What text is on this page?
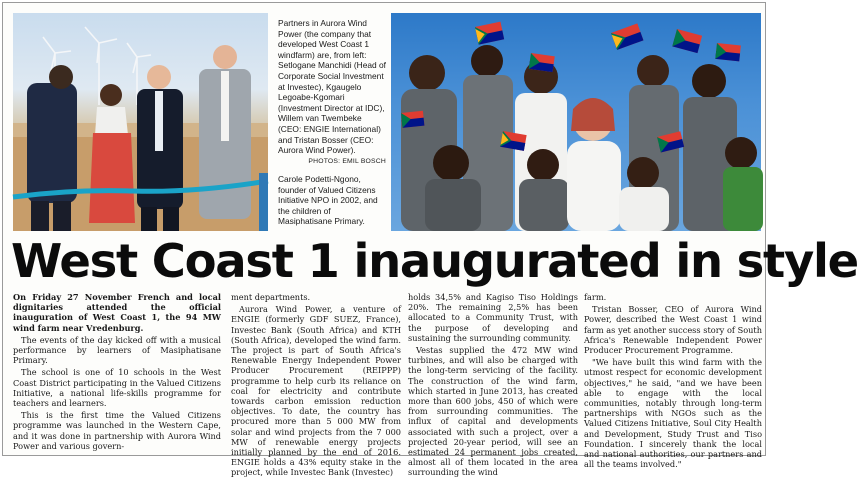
Partners in Aurora Wind Power (the company that developed West Coast 1 windfarm) are, from left: Setlogane Manchidi (Head of Corporate Social Investment at Investec), Kgaugelo Legoabe-Kgomari (Investment Director at IDC), Willem van Twembeke (CEO: ENGIE International) and Tristan Bosser (CEO: Aurora Wind Power).
PHOTOS: EMIL BOSCH
Carole Podetti-Ngono, founder of Valued Citizens Initiative NPO in 2002, and the children of Masiphatisane Primary.
West Coast 1 inaugurated in style

On Friday 27 November French and local dignitaries attended the official inauguration of West Coast 1, the 94 MW wind farm near Vredenburg.

The events of the day kicked off with a musical performance by learners of Masiphatisane Primary.

The school is one of 10 schools in the West Coast District participating in the Valued Citizens Initiative, a national life-skills programme for teachers and learners.

This is the first time the Valued Citizens programme was launched in the Western Cape, and it was done in partnership with Aurora Wind Power and various govern-

ment departments.

Aurora Wind Power, a venture of ENGIE (formerly GDF SUEZ, France), Investec Bank (South Africa) and KTH (South Africa), developed the wind farm. The project is part of South Africa's Renewable Energy Independent Power Producer Procurement (REIPPP) programme to help curb its reliance on coal for electricity and contribute towards carbon emission reduction objectives. To date, the country has procured more than 5 000 MW from solar and wind projects from the 7 000 MW of renewable energy projects initially planned by the end of 2016. ENGIE holds a 43% equity stake in the project, while Investec Bank (Investec)

holds 34,5% and Kagiso Tiso Holdings 20%. The remaining 2,5% has been allocated to a Community Trust, with the purpose of developing and sustaining the surrounding community.

Vestas supplied the 472 MW wind turbines, and will also be charged with the long-term servicing of the facility. The construction of the wind farm, which started in June 2013, has created more than 600 jobs, 450 of which were from surrounding communities. The influx of capital and developments associated with such a project, over a projected 20-year period, will see an estimated 24 permanent jobs created, almost all of them located in the area surrounding the wind

farm.

Tristan Bosser, CEO of Aurora Wind Power, described the West Coast 1 wind farm as yet another success story of South Africa's Renewable Independent Power Producer Procurement Programme.

"We have built this wind farm with the utmost respect for economic development objectives," he said, "and we have been able to engage with the local communities, notably through long-term partnerships with NGOs such as the Valued Citizens Initiative, Soul City Health and Development, Study Trust and Tiso Foundation. I sincerely thank the local and national authorities, our partners and all the teams involved."
